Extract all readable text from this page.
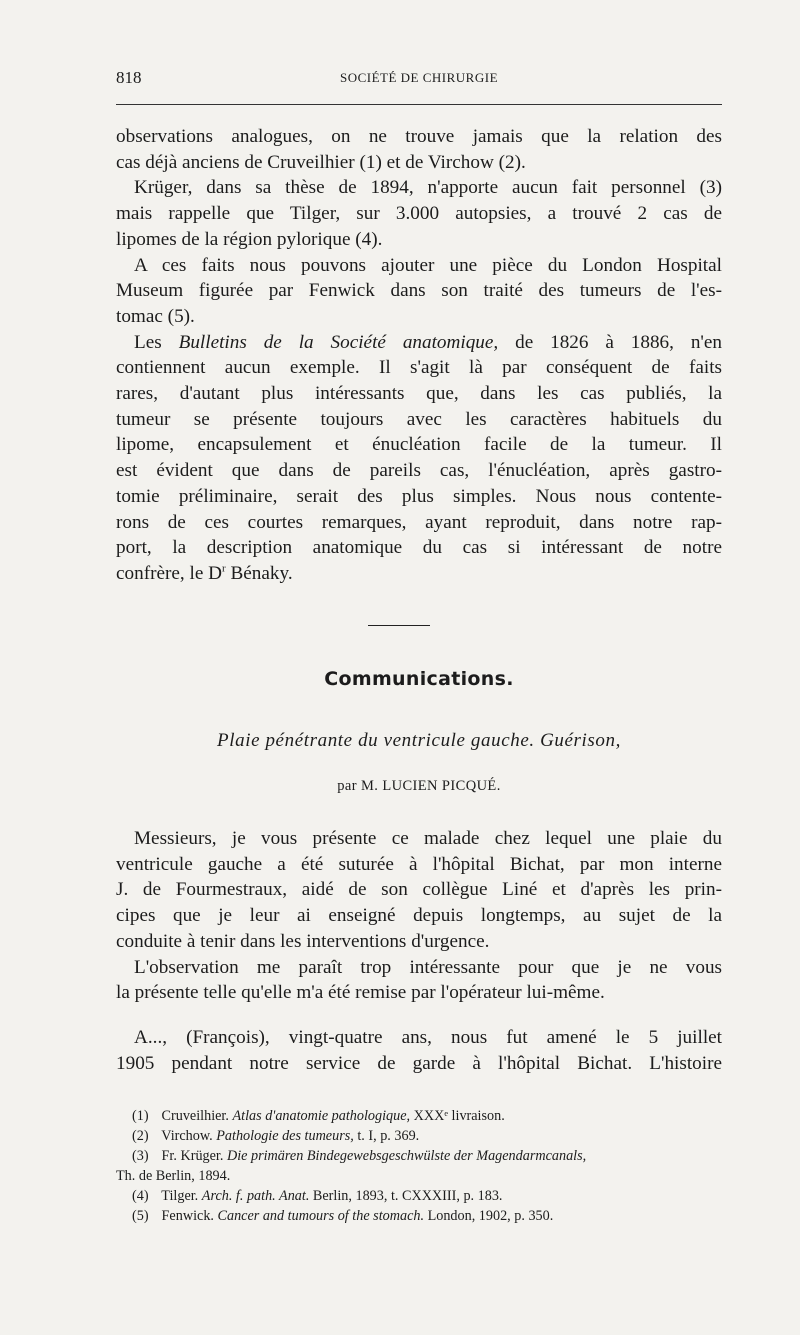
818	SOCIÉTÉ DE CHIRURGIE
observations analogues, on ne trouve jamais que la relation des
cas déjà anciens de Cruveilhier (1) et de Virchow (2).
Krüger, dans sa thèse de 1894, n'apporte aucun fait personnel (3)
mais rappelle que Tilger, sur 3.000 autopsies, a trouvé 2 cas de
lipomes de la région pylorique (4).
A ces faits nous pouvons ajouter une pièce du London Hospital
Museum figurée par Fenwick dans son traité des tumeurs de l'es-
tomac (5).
Les Bulletins de la Société anatomique, de 1826 à 1886, n'en
contiennent aucun exemple. Il s'agit là par conséquent de faits
rares, d'autant plus intéressants que, dans les cas publiés, la
tumeur se présente toujours avec les caractères habituels du
lipome, encapsulement et énucléation facile de la tumeur. Il
est évident que dans de pareils cas, l'énucléation, après gastro-
tomie préliminaire, serait des plus simples. Nous nous contente-
rons de ces courtes remarques, ayant reproduit, dans notre rap-
port, la description anatomique du cas si intéressant de notre
confrère, le $D^r$ Bénaky.
Communications.
Plaie pénétrante du ventricule gauche. Guérison,
par M. LUCIEN PICQUÉ.
Messieurs, je vous présente ce malade chez lequel une plaie du
ventricule gauche a été suturée à l'hôpital Bichat, par mon interne
J. de Fourmestraux, aidé de son collègue Liné et d'après les prin-
cipes que je leur ai enseigné depuis longtemps, au sujet de la
conduite à tenir dans les interventions d'urgence.
L'observation me paraît trop intéressante pour que je ne vous
la présente telle qu'elle m'a été remise par l'opérateur lui-même.
A..., (François), vingt-quatre ans, nous fut amené le 5 juillet
1905 pendant notre service de garde à l'hôpital Bichat. L'histoire
(1) Cruveilhier. Atlas d'anatomie pathologique, XXXᵉ livraison.
(2) Virchow. Pathologie des tumeurs, t. I, p. 369.
(3) Fr. Krüger. Die primären Bindegewebsgeschwülste der Magendarmcanals,
Th. de Berlin, 1894.
(4) Tilger. Arch. f. path. Anat. Berlin, 1893, t. CXXXIII, p. 183.
(5) Fenwick. Cancer and tumours of the stomach. London, 1902, p. 350.
